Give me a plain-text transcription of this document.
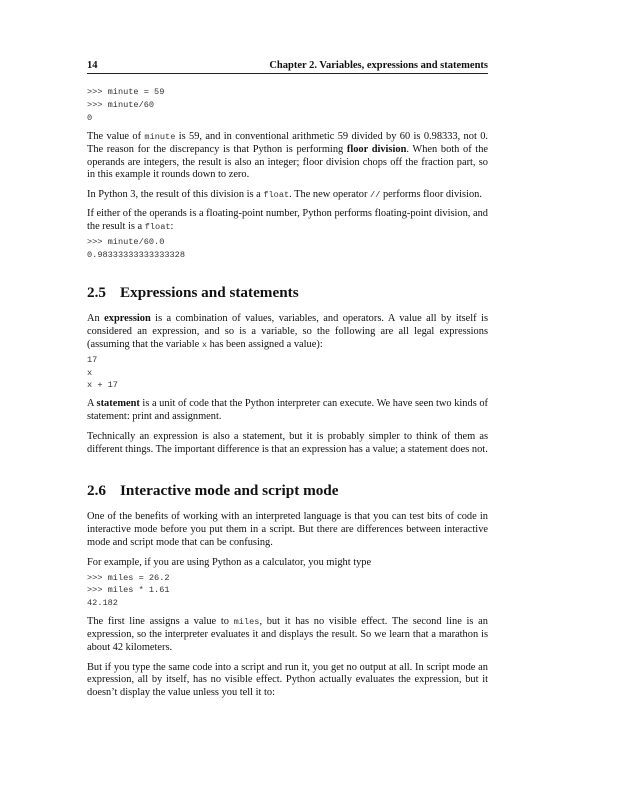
14	Chapter 2. Variables, expressions and statements
>>> minute = 59
>>> minute/60
0

The value of minute is 59, and in conventional arithmetic 59 divided by 60 is 0.98333, not 0. The reason for the discrepancy is that Python is performing floor division. When both of the operands are integers, the result is also an integer; floor division chops off the fraction part, so in this example it rounds down to zero.

In Python 3, the result of this division is a float. The new operator // performs floor division.

If either of the operands is a floating-point number, Python performs floating-point division, and the result is a float:

>>> minute/60.0
0.98333333333333328
2.5 Expressions and statements

An expression is a combination of values, variables, and operators. A value all by itself is considered an expression, and so is a variable, so the following are all legal expressions (assuming that the variable x has been assigned a value):

17
x
x + 17

A statement is a unit of code that the Python interpreter can execute. We have seen two kinds of statement: print and assignment.

Technically an expression is also a statement, but it is probably simpler to think of them as different things. The important difference is that an expression has a value; a statement does not.

2.6 Interactive mode and script mode

One of the benefits of working with an interpreted language is that you can test bits of code in interactive mode before you put them in a script. But there are differences between interactive mode and script mode that can be confusing.

For example, if you are using Python as a calculator, you might type

>>> miles = 26.2
>>> miles * 1.61
42.182

The first line assigns a value to miles, but it has no visible effect. The second line is an expression, so the interpreter evaluates it and displays the result. So we learn that a marathon is about 42 kilometers.

But if you type the same code into a script and run it, you get no output at all. In script mode an expression, all by itself, has no visible effect. Python actually evaluates the expression, but it doesn’t display the value unless you tell it to:
